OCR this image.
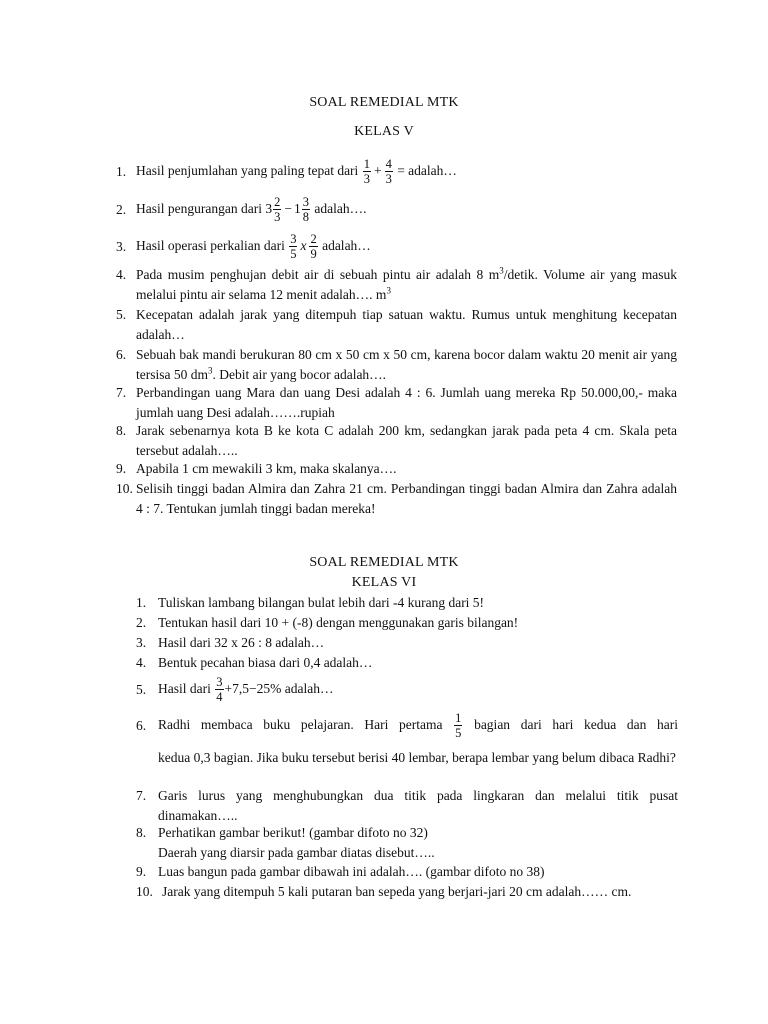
SOAL REMEDIAL MTK
KELAS V
1. Hasil penjumlahan yang paling tepat dari $\frac{1}{3} + \frac{4}{3}$ = adalah…
2. Hasil pengurangan dari $3 \frac{2}{3} - 1 \frac{3}{8}$ adalah….
3. Hasil operasi perkalian dari $\frac{3}{5}$ x $\frac{2}{9}$ adalah…
4. Pada musim penghujan debit air di sebuah pintu air adalah 8 $m^3$/detik. Volume air yang masuk melalui pintu air selama 12 menit adalah…. $m^3$
5. Kecepatan adalah jarak yang ditempuh tiap satuan waktu. Rumus untuk menghitung kecepatan adalah…
6. Sebuah bak mandi berukuran 80 cm x 50 cm x 50 cm, karena bocor dalam waktu 20 menit air yang tersisa 50 $dm^3$. Debit air yang bocor adalah….
7. Perbandingan uang Mara dan uang Desi adalah 4 : 6. Jumlah uang mereka Rp 50.000,00,- maka jumlah uang Desi adalah…….rupiah
8. Jarak sebenarnya kota B ke kota C adalah 200 km, sedangkan jarak pada peta 4 cm. Skala peta tersebut adalah…..
9. Apabila 1 cm mewakili 3 km, maka skalanya….
10. Selisih tinggi badan Almira dan Zahra 21 cm. Perbandingan tinggi badan Almira dan Zahra adalah 4 : 7. Tentukan jumlah tinggi badan mereka!
SOAL REMEDIAL MTK
KELAS VI
1. Tuliskan lambang bilangan bulat lebih dari -4 kurang dari 5!
2. Tentukan hasil dari 10 + (-8) dengan menggunakan garis bilangan!
3. Hasil dari 32 x 26 : 8 adalah…
4. Bentuk pecahan biasa dari 0,4 adalah…
5. Hasil dari $\frac{3}{4} +7,5-25\%$ adalah…
6. Radhi membaca buku pelajaran. Hari pertama $\frac{1}{5}$ bagian dari hari kedua dan hari
kedua 0,3 bagian. Jika buku tersebut berisi 40 lembar, berapa lembar yang belum dibaca Radhi?
7. Garis lurus yang menghubungkan dua titik pada lingkaran dan melalui titik pusat dinamakan…..
8. Perhatikan gambar berikut! (gambar difoto no 32)
Daerah yang diarsir pada gambar diatas disebut…..
9. Luas bangun pada gambar dibawah ini adalah…. (gambar difoto no 38)
10. Jarak yang ditempuh 5 kali putaran ban sepeda yang berjari-jari 20 cm adalah…… cm.
